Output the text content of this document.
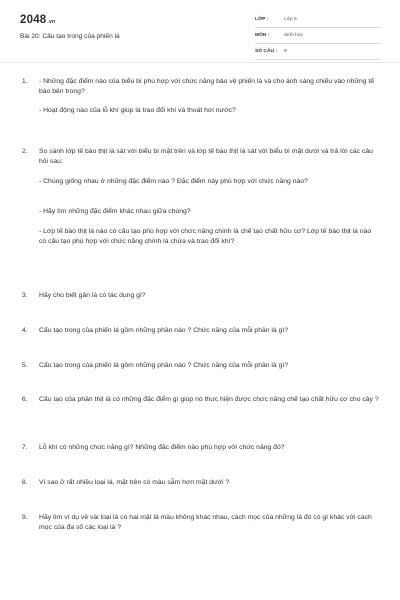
2048.vn
Bài 20: Cấu tạo trong của phiến lá
LỚP :	Lớp 6
MÔN :	Sinh học
SỐ CÂU : 9
1. - Những đặc điểm nào của biểu bì phù hợp với chức năng bảo vệ phiến lá và cho ánh sáng chiếu vào những tế bào bên trong?

- Hoạt động nào của lỗ khí giúp lá trao đổi khí và thoát hơi nước?

2. So sánh lớp tế bào thịt lá sát với biểu bì mặt trên và lớp tế bào thịt lá sát với biểu bì mặt dưới và trả lời các câu hỏi sau:

- Chúng giống nhau ở những đặc điểm nào ? Đặc điểm này phù hợp với chức năng nào?

- Hãy tìm những đặc điểm khác nhau giữa chúng?

- Lớp tế bào thịt lá nào có cấu tạo phù hợp với chức năng chính là chế tạo chất hữu cơ? Lớp tế bào thịt lá nào có cấu tạo phù hợp với chức năng chính là chứa và trao đổi khí?

3. Hãy cho biết gân lá có tác dụng gì?

4. Cấu tạo trong của phiến lá gồm những phần nào ? Chức năng của mỗi phần là gì?

5. Cấu tạo trong của phiến lá gồm những phần nào ? Chức năng của mỗi phần là gì?

6. Cấu tạo của phần thịt lá có những đặc điểm gì giúp nó thực hiện được chức năng chế tạo chất hữu cơ cho cây ?

7. Lỗ khí có những chức năng gì? Những đặc điểm nào phù hợp với chức năng đó?

8. Vì sao ở rất nhiều loại lá, mặt trên có màu sẫm hơn mặt dưới ?

9. Hãy tìm ví dụ về vài loại lá có hai mặt lá màu không khác nhau, cách mọc của những lá đó có gì khác với cách mọc của đa số các loại lá ?
